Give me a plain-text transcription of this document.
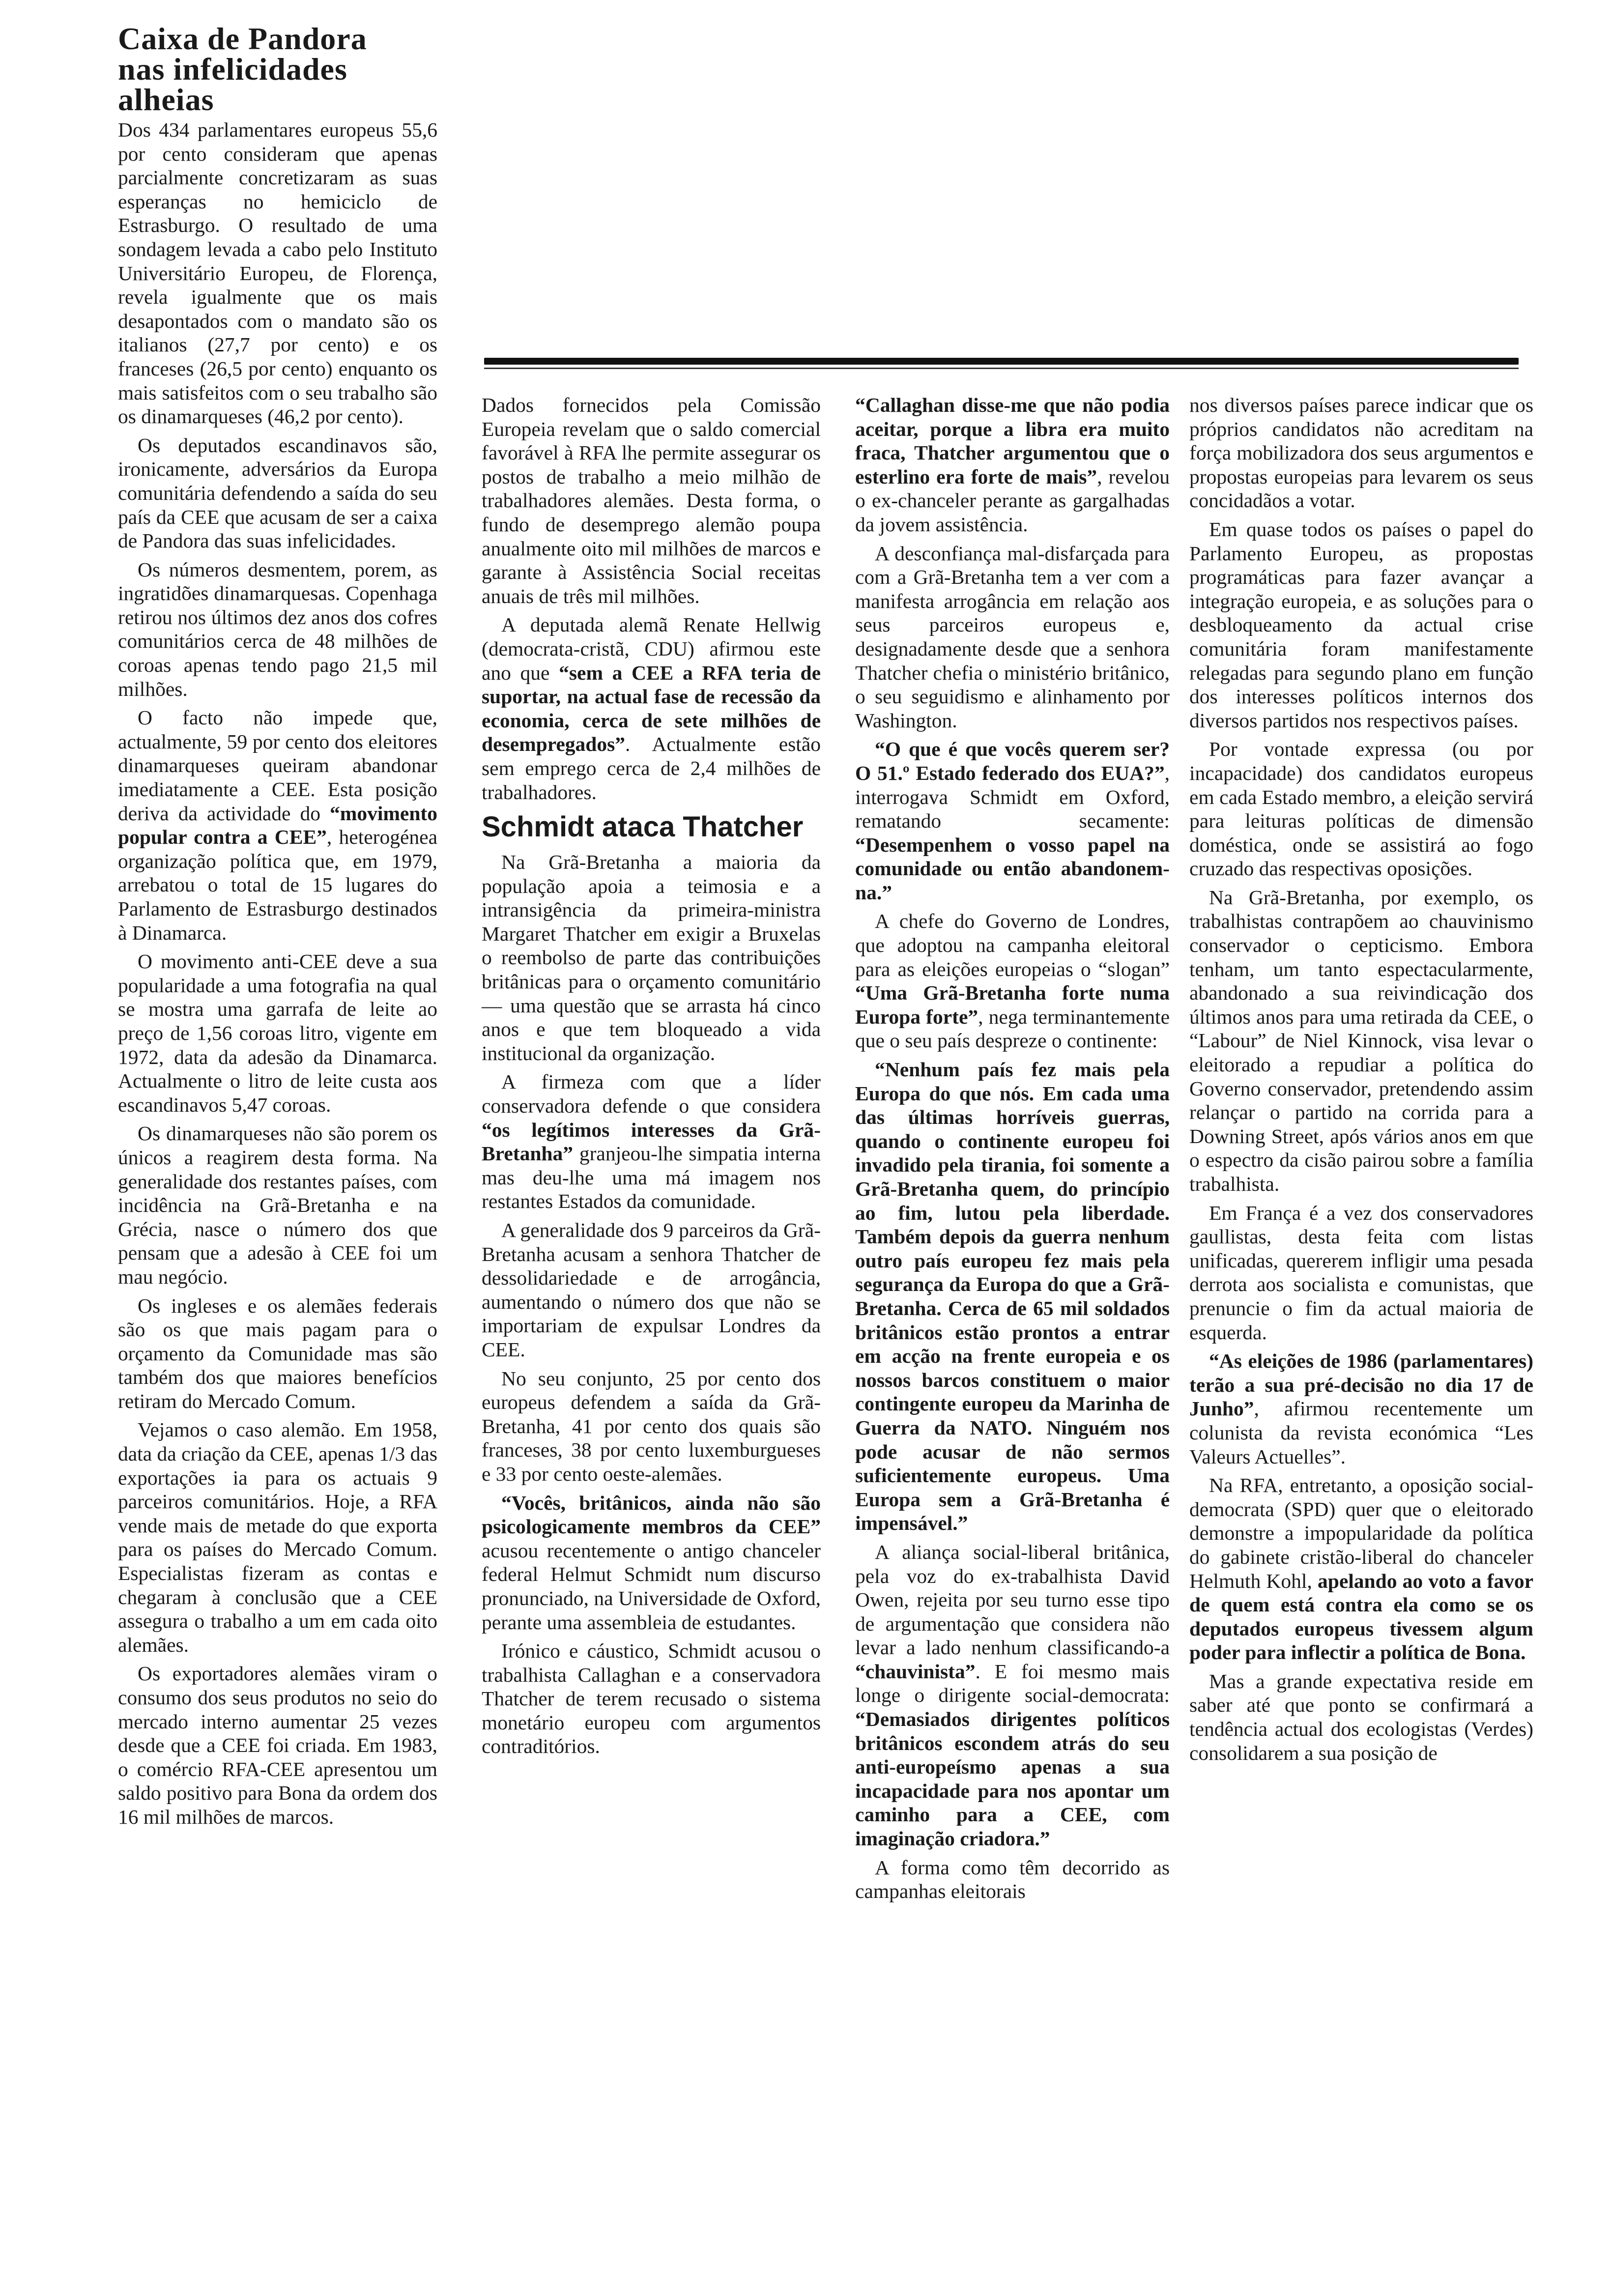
Caixa de Pandora
nas infelicidades alheias

Dos 434 parlamentares europeus 55,6 por cento consideram que apenas parcialmente concretizaram as suas esperanças no hemiciclo de Estrasburgo. O resultado de uma sondagem levada a cabo pelo Instituto Universitário Europeu, de Florença, revela igualmente que os mais desapontados com o mandato são os italianos (27,7 por cento) e os franceses (26,5 por cento) enquanto os mais satisfeitos com o seu trabalho são os dinamarqueses (46,2 por cento).

Os deputados escandinavos são, ironicamente, adversários da Europa comunitária defendendo a saída do seu país da CEE que acusam de ser a caixa de Pandora das suas infelicidades.

Os números desmentem, porem, as ingratidões dinamarquesas. Copenhaga retirou nos últimos dez anos dos cofres comunitários cerca de 48 milhões de coroas apenas tendo pago 21,5 mil milhões.

O facto não impede que, actualmente, 59 por cento dos eleitores dinamarqueses queiram abandonar imediatamente a CEE. Esta posição deriva da actividade do “movimento popular contra a CEE”, heterogénea organização política que, em 1979, arrebatou o total de 15 lugares do Parlamento de Estrasburgo destinados à Dinamarca.

O movimento anti-CEE deve a sua popularidade a uma fotografia na qual se mostra uma garrafa de leite ao preço de 1,56 coroas litro, vigente em 1972, data da adesão da Dinamarca. Actualmente o litro de leite custa aos escandinavos 5,47 coroas.

Os dinamarqueses não são porem os únicos a reagirem desta forma. Na generalidade dos restantes países, com incidência na Grã-Bretanha e na Grécia, nasce o número dos que pensam que a adesão à CEE foi um mau negócio.

Os ingleses e os alemães federais são os que mais pagam para o orçamento da Comunidade mas são também dos que maiores benefícios retiram do Mercado Comum.

Vejamos o caso alemão. Em 1958, data da criação da CEE, apenas 1/3 das exportações ia para os actuais 9 parceiros comunitários. Hoje, a RFA vende mais de metade do que exporta para os países do Mercado Comum. Especialistas fizeram as contas e chegaram à conclusão que a CEE assegura o trabalho a um em cada oito alemães.

Os exportadores alemães viram o consumo dos seus produtos no seio do mercado interno aumentar 25 vezes desde que a CEE foi criada. Em 1983, o comércio RFA-CEE apresentou um saldo positivo para Bona da ordem dos 16 mil milhões de marcos.

Dados fornecidos pela Comissão Europeia revelam que o saldo comercial favorável à RFA lhe permite assegurar os postos de trabalho a meio milhão de trabalhadores alemães. Desta forma, o fundo de desemprego alemão poupa anualmente oito mil milhões de marcos e garante à Assistência Social receitas anuais de três mil milhões.

A deputada alemã Renate Hellwig (democrata-cristã, CDU) afirmou este ano que “sem a CEE a RFA teria de suportar, na actual fase de recessão da economia, cerca de sete milhões de desempregados”. Actualmente estão sem emprego cerca de 2,4 milhões de trabalhadores.

Schmidt ataca Thatcher

Na Grã-Bretanha a maioria da população apoia a teimosia e a intransigência da primeira-ministra Margaret Thatcher em exigir a Bruxelas o reembolso de parte das contribuições britânicas para o orçamento comunitário — uma questão que se arrasta há cinco anos e que tem bloqueado a vida institucional da organização.

A firmeza com que a líder conservadora defende o que considera “os legítimos interesses da Grã-Bretanha” granjeou-lhe simpatia interna mas deu-lhe uma má imagem nos restantes Estados da comunidade.

A generalidade dos 9 parceiros da Grã-Bretanha acusam a senhora Thatcher de dessolidariedade e de arrogância, aumentando o número dos que não se importariam de expulsar Londres da CEE.

No seu conjunto, 25 por cento dos europeus defendem a saída da Grã-Bretanha, 41 por cento dos quais são franceses, 38 por cento luxemburgueses e 33 por cento oeste-alemães.

“Vocês, britânicos, ainda não são psicologicamente membros da CEE” acusou recentemente o antigo chanceler federal Helmut Schmidt num discurso pronunciado, na Universidade de Oxford, perante uma assembleia de estudantes.

Irónico e cáustico, Schmidt acusou o trabalhista Callaghan e a conservadora Thatcher de terem recusado o sistema monetário europeu com argumentos contraditórios.

“Callaghan disse-me que não podia aceitar, porque a libra era muito fraca, Thatcher argumentou que o esterlino era forte de mais”, revelou o ex-chanceler perante as gargalhadas da jovem assistência.

A desconfiança mal-disfarçada para com a Grã-Bretanha tem a ver com a manifesta arrogância em relação aos seus parceiros europeus e, designadamente desde que a senhora Thatcher chefia o ministério britânico, o seu seguidismo e alinhamento por Washington.

“O que é que vocês querem ser? O 51.º Estado federado dos EUA?”, interrogava Schmidt em Oxford, rematando secamente: “Desempenhem o vosso papel na comunidade ou então abandonem-na.”

A chefe do Governo de Londres, que adoptou na campanha eleitoral para as eleições europeias o “slogan” “Uma Grã-Bretanha forte numa Europa forte”, nega terminantemente que o seu país despreze o continente:

“Nenhum país fez mais pela Europa do que nós. Em cada uma das últimas horríveis guerras, quando o continente europeu foi invadido pela tirania, foi somente a Grã-Bretanha quem, do princípio ao fim, lutou pela liberdade. Também depois da guerra nenhum outro país europeu fez mais pela segurança da Europa do que a Grã-Bretanha. Cerca de 65 mil soldados britânicos estão prontos a entrar em acção na frente europeia e os nossos barcos constituem o maior contingente europeu da Marinha de Guerra da NATO. Ninguém nos pode acusar de não sermos suficientemente europeus. Uma Europa sem a Grã-Bretanha é impensável.”

A aliança social-liberal britânica, pela voz do ex-trabalhista David Owen, rejeita por seu turno esse tipo de argumentação que considera não levar a lado nenhum classificando-a “chauvinista”. E foi mesmo mais longe o dirigente social-democrata: “Demasiados dirigentes políticos britânicos escondem atrás do seu anti-europeísmo apenas a sua incapacidade para nos apontar um caminho para a CEE, com imaginação criadora.”

A forma como têm decorrido as campanhas eleitorais

nos diversos países parece indicar que os próprios candidatos não acreditam na força mobilizadora dos seus argumentos e propostas europeias para levarem os seus concidadãos a votar.

Em quase todos os países o papel do Parlamento Europeu, as propostas programáticas para fazer avançar a integração europeia, e as soluções para o desbloqueamento da actual crise comunitária foram manifestamente relegadas para segundo plano em função dos interesses políticos internos dos diversos partidos nos respectivos países.

Por vontade expressa (ou por incapacidade) dos candidatos europeus em cada Estado membro, a eleição servirá para leituras políticas de dimensão doméstica, onde se assistirá ao fogo cruzado das respectivas oposições.

Na Grã-Bretanha, por exemplo, os trabalhistas contrapõem ao chauvinismo conservador o cepticismo. Embora tenham, um tanto espectacularmente, abandonado a sua reivindicação dos últimos anos para uma retirada da CEE, o “Labour” de Niel Kinnock, visa levar o eleitorado a repudiar a política do Governo conservador, pretendendo assim relançar o partido na corrida para a Downing Street, após vários anos em que o espectro da cisão pairou sobre a família trabalhista.

Em França é a vez dos conservadores gaullistas, desta feita com listas unificadas, quererem infligir uma pesada derrota aos socialista e comunistas, que prenuncie o fim da actual maioria de esquerda.

“As eleições de 1986 (parlamentares) terão a sua pré-decisão no dia 17 de Junho”, afirmou recentemente um colunista da revista económica “Les Valeurs Actuelles”.

Na RFA, entretanto, a oposição social-democrata (SPD) quer que o eleitorado demonstre a impopularidade da política do gabinete cristão-liberal do chanceler Helmuth Kohl, apelando ao voto a favor de quem está contra ela como se os deputados europeus tivessem algum poder para inflectir a política de Bona.

Mas a grande expectativa reside em saber até que ponto se confirmará a tendência actual dos ecologistas (Verdes) consolidarem a sua posição de
